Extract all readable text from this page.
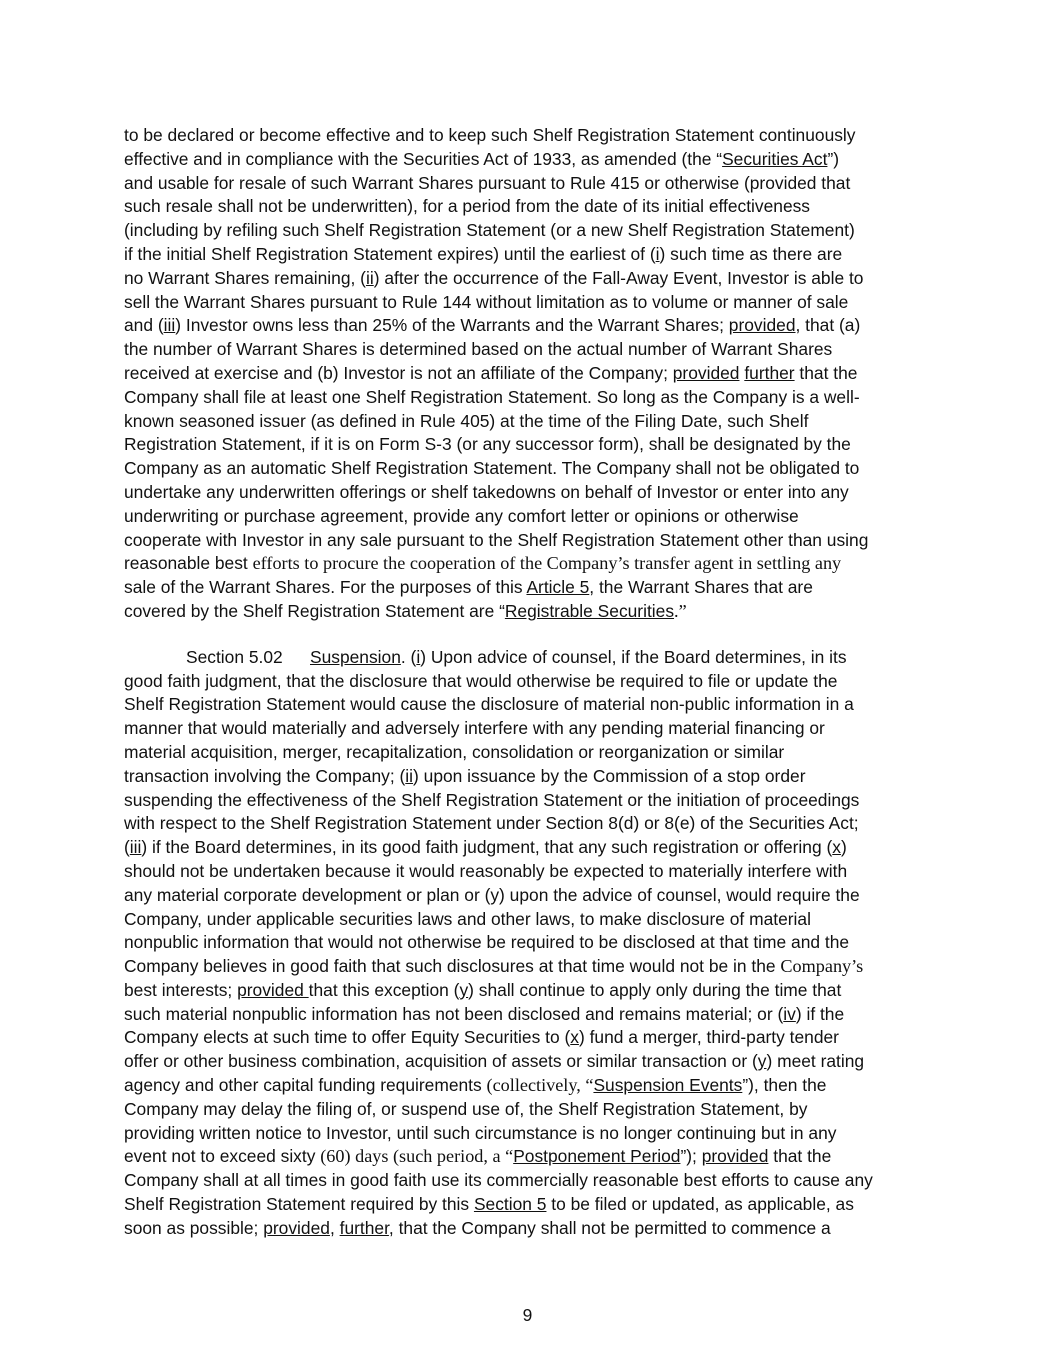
to be declared or become effective and to keep such Shelf Registration Statement continuously
effective and in compliance with the Securities Act of 1933, as amended (the “Securities Act”)
and usable for resale of such Warrant Shares pursuant to Rule 415 or otherwise (provided that
such resale shall not be underwritten), for a period from the date of its initial effectiveness
(including by refiling such Shelf Registration Statement (or a new Shelf Registration Statement)
if the initial Shelf Registration Statement expires) until the earliest of (i) such time as there are
no Warrant Shares remaining, (ii) after the occurrence of the Fall-Away Event, Investor is able to
sell the Warrant Shares pursuant to Rule 144 without limitation as to volume or manner of sale
and (iii) Investor owns less than 25% of the Warrants and the Warrant Shares; provided, that (a)
the number of Warrant Shares is determined based on the actual number of Warrant Shares
received at exercise and (b) Investor is not an affiliate of the Company; provided further that the
Company shall file at least one Shelf Registration Statement. So long as the Company is a well-
known seasoned issuer (as defined in Rule 405) at the time of the Filing Date, such Shelf
Registration Statement, if it is on Form S-3 (or any successor form), shall be designated by the
Company as an automatic Shelf Registration Statement. The Company shall not be obligated to
undertake any underwritten offerings or shelf takedowns on behalf of Investor or enter into any
underwriting or purchase agreement, provide any comfort letter or opinions or otherwise
cooperate with Investor in any sale pursuant to the Shelf Registration Statement other than using
reasonable best efforts to procure the cooperation of the Company’s transfer agent in settling any
sale of the Warrant Shares. For the purposes of this Article 5, the Warrant Shares that are
covered by the Shelf Registration Statement are “Registrable Securities.”
Section 5.02 Suspension. (i) Upon advice of counsel, if the Board determines, in its
good faith judgment, that the disclosure that would otherwise be required to file or update the
Shelf Registration Statement would cause the disclosure of material non-public information in a
manner that would materially and adversely interfere with any pending material financing or
material acquisition, merger, recapitalization, consolidation or reorganization or similar
transaction involving the Company; (ii) upon issuance by the Commission of a stop order
suspending the effectiveness of the Shelf Registration Statement or the initiation of proceedings
with respect to the Shelf Registration Statement under Section 8(d) or 8(e) of the Securities Act;
(iii) if the Board determines, in its good faith judgment, that any such registration or offering (x)
should not be undertaken because it would reasonably be expected to materially interfere with
any material corporate development or plan or (y) upon the advice of counsel, would require the
Company, under applicable securities laws and other laws, to make disclosure of material
nonpublic information that would not otherwise be required to be disclosed at that time and the
Company believes in good faith that such disclosures at that time would not be in the Company’s
best interests; provided that this exception (y) shall continue to apply only during the time that
such material nonpublic information has not been disclosed and remains material; or (iv) if the
Company elects at such time to offer Equity Securities to (x) fund a merger, third-party tender
offer or other business combination, acquisition of assets or similar transaction or (y) meet rating
agency and other capital funding requirements (collectively, “Suspension Events”), then the
Company may delay the filing of, or suspend use of, the Shelf Registration Statement, by
providing written notice to Investor, until such circumstance is no longer continuing but in any
event not to exceed sixty (60) days (such period, a “Postponement Period”); provided that the
Company shall at all times in good faith use its commercially reasonable best efforts to cause any
Shelf Registration Statement required by this Section 5 to be filed or updated, as applicable, as
soon as possible; provided, further, that the Company shall not be permitted to commence a
9
